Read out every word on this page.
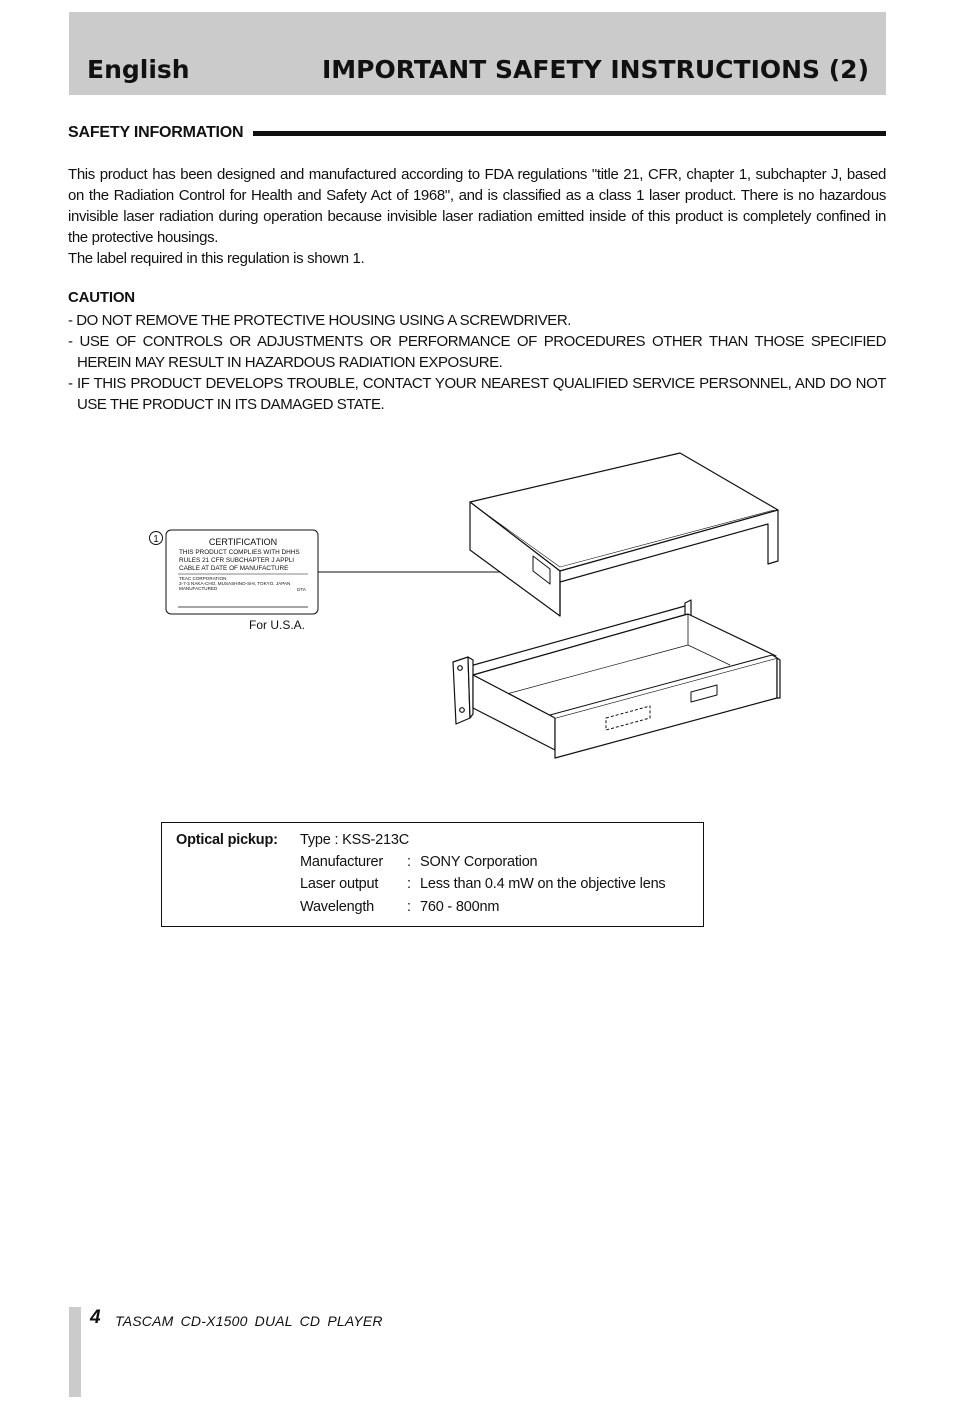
English	IMPORTANT SAFETY INSTRUCTIONS (2)
SAFETY INFORMATION
This product has been designed and manufactured according to FDA regulations "title 21, CFR, chapter 1, subchapter J, based on the Radiation Control for Health and Safety Act of 1968", and is classified as a class 1 laser product. There is no hazardous invisible laser radiation during operation because invisible laser radiation emitted inside of this product is completely confined in the protective housings.
The label required in this regulation is shown 1.
CAUTION
- DO NOT REMOVE THE PROTECTIVE HOUSING USING A SCREWDRIVER.
- USE OF CONTROLS OR ADJUSTMENTS OR PERFORMANCE OF PROCEDURES OTHER THAN THOSE SPECIFIED HEREIN MAY RESULT IN HAZARDOUS RADIATION EXPOSURE.
- IF THIS PRODUCT DEVELOPS TROUBLE, CONTACT YOUR NEAREST QUALIFIED SERVICE PERSONNEL, AND DO NOT USE THE PRODUCT IN ITS DAMAGED STATE.
1	CERTIFICATION
THIS PRODUCT COMPLIES WITH DHHS
RULES 21 CFR SUBCHAPTER J APPLI
CABLE AT DATE OF MANUFACTURE
TEAC CORPORATION
3-7-3 NAKA-CHO, MUSASHINO-SHI, TOKYO, JAPAN
MANUFACTURED	DTA
For U.S.A.
Optical pickup: Type : KSS-213C
Manufacturer : SONY Corporation
Laser output : Less than 0.4 mW on the objective lens
Wavelength : 760 - 800nm
4 TASCAM CD-X1500 DUAL CD PLAYER
